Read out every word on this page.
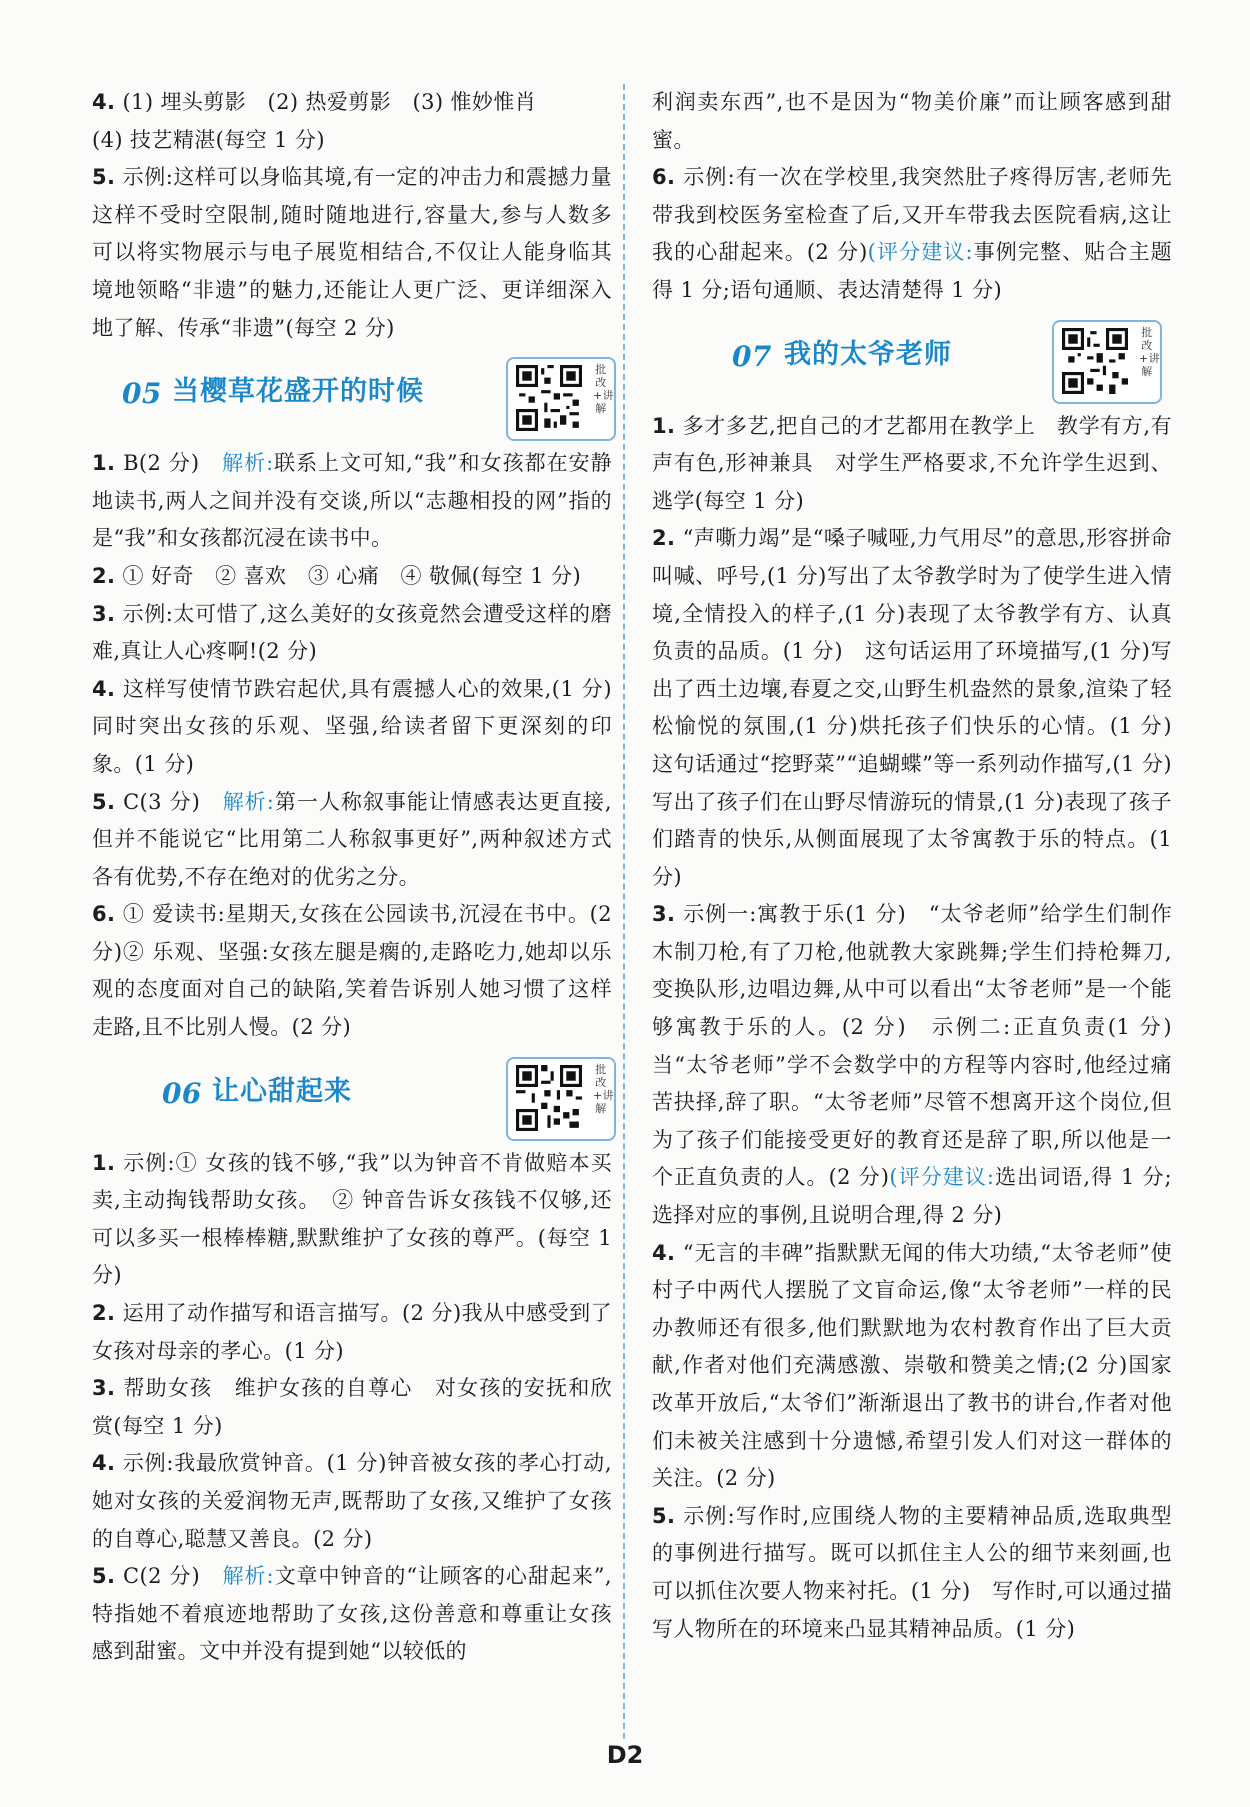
4. (1) 埋头剪影　(2) 热爱剪影　(3) 惟妙惟肖
(4) 技艺精湛(每空 1 分)

5. 示例:这样可以身临其境,有一定的冲击力和震撼力量　这样不受时空限制,随时随地进行,容量大,参与人数多　可以将实物展示与电子展览相结合,不仅让人能身临其境地领略“非遗”的魅力,还能让人更广泛、更详细深入地了解、传承“非遗”(每空 2 分)

05 当樱草花盛开的时候
批改+讲解

1. B(2 分)　 解析:联系上文可知,“我”和女孩都在安静地读书,两人之间并没有交谈,所以“志趣相投的网”指的是“我”和女孩都沉浸在读书中。

2. ① 好奇　② 喜欢　③ 心痛　④ 敬佩(每空 1 分)

3. 示例:太可惜了,这么美好的女孩竟然会遭受这样的磨难,真让人心疼啊!(2 分)

4. 这样写使情节跌宕起伏,具有震撼人心的效果,(1 分)同时突出女孩的乐观、坚强,给读者留下更深刻的印象。(1 分)

5. C(3 分)　 解析:第一人称叙事能让情感表达更直接,但并不能说它“比用第二人称叙事更好”,两种叙述方式各有优势,不存在绝对的优劣之分。

6. ① 爱读书:星期天,女孩在公园读书,沉浸在书中。(2 分)② 乐观、坚强:女孩左腿是瘸的,走路吃力,她却以乐观的态度面对自己的缺陷,笑着告诉别人她习惯了这样走路,且不比别人慢。(2 分)

06 让心甜起来
批改+讲解

1. 示例:① 女孩的钱不够,“我”以为钟音不肯做赔本买卖,主动掏钱帮助女孩。　② 钟音告诉女孩钱不仅够,还可以多买一根棒棒糖,默默维护了女孩的尊严。(每空 1 分)

2. 运用了动作描写和语言描写。(2 分)我从中感受到了女孩对母亲的孝心。(1 分)

3. 帮助女孩　维护女孩的自尊心　对女孩的安抚和欣赏(每空 1 分)

4. 示例:我最欣赏钟音。(1 分)钟音被女孩的孝心打动,她对女孩的关爱润物无声,既帮助了女孩,又维护了女孩的自尊心,聪慧又善良。(2 分)

5. C(2 分)　 解析:文章中钟音的“让顾客的心甜起来”,特指她不着痕迹地帮助了女孩,这份善意和尊重让女孩感到甜蜜。文中并没有提到她“以较低的

利润卖东西”,也不是因为“物美价廉”而让顾客感到甜蜜。

6. 示例:有一次在学校里,我突然肚子疼得厉害,老师先带我到校医务室检查了后,又开车带我去医院看病,这让我的心甜起来。(2 分)(评分建议:事例完整、贴合主题得 1 分;语句通顺、表达清楚得 1 分)

07 我的太爷老师
批改+讲解

1. 多才多艺,把自己的才艺都用在教学上　教学有方,有声有色,形神兼具　对学生严格要求,不允许学生迟到、逃学(每空 1 分)

2. “声嘶力竭”是“嗓子喊哑,力气用尽”的意思,形容拼命叫喊、呼号,(1 分)写出了太爷教学时为了使学生进入情境,全情投入的样子,(1 分)表现了太爷教学有方、认真负责的品质。(1 分)　这句话运用了环境描写,(1 分)写出了西土边壤,春夏之交,山野生机盎然的景象,渲染了轻松愉悦的氛围,(1 分)烘托孩子们快乐的心情。(1 分)　这句话通过“挖野菜”“追蝴蝶”等一系列动作描写,(1 分)写出了孩子们在山野尽情游玩的情景,(1 分)表现了孩子们踏青的快乐,从侧面展现了太爷寓教于乐的特点。(1 分)

3. 示例一:寓教于乐(1 分)　“太爷老师”给学生们制作木制刀枪,有了刀枪,他就教大家跳舞;学生们持枪舞刀,变换队形,边唱边舞,从中可以看出“太爷老师”是一个能够寓教于乐的人。(2 分)　示例二:正直负责(1 分)　当“太爷老师”学不会数学中的方程等内容时,他经过痛苦抉择,辞了职。“太爷老师”尽管不想离开这个岗位,但为了孩子们能接受更好的教育还是辞了职,所以他是一个正直负责的人。(2 分)(评分建议:选出词语,得 1 分;选择对应的事例,且说明合理,得 2 分)

4. “无言的丰碑”指默默无闻的伟大功绩,“太爷老师”使村子中两代人摆脱了文盲命运,像“太爷老师”一样的民办教师还有很多,他们默默地为农村教育作出了巨大贡献,作者对他们充满感激、崇敬和赞美之情;(2 分)国家改革开放后,“太爷们”渐渐退出了教书的讲台,作者对他们未被关注感到十分遗憾,希望引发人们对这一群体的关注。(2 分)

5. 示例:写作时,应围绕人物的主要精神品质,选取典型的事例进行描写。既可以抓住主人公的细节来刻画,也可以抓住次要人物来衬托。(1 分)　写作时,可以通过描写人物所在的环境来凸显其精神品质。(1 分)

D2
